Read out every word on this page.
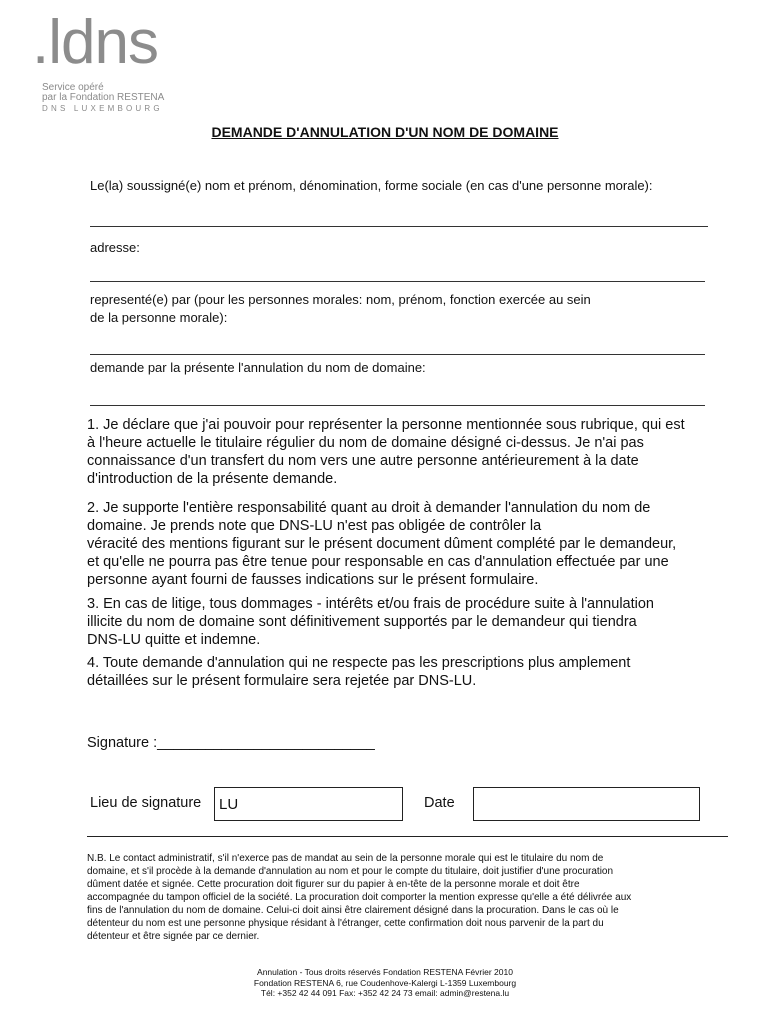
.ldns
Service opéré
par la Fondation RESTENA
DNS LUXEMBOURG
DEMANDE D'ANNULATION D'UN NOM DE DOMAINE
Le(la) soussigné(e) nom et prénom, dénomination, forme sociale (en cas d'une personne morale):
adresse:
representé(e) par (pour les personnes morales: nom, prénom, fonction exercée au sein
de la personne morale):
demande par la présente l'annulation du nom de domaine:
1. Je déclare que j'ai pouvoir pour représenter la personne mentionnée sous rubrique, qui est
à l'heure actuelle le titulaire régulier du nom de domaine désigné ci-dessus. Je n'ai pas
connaissance d'un transfert du nom vers une autre personne antérieurement à la date
d'introduction de la présente demande.
2. Je supporte l'entière responsabilité quant au droit à demander l'annulation du nom de
domaine. Je prends note que DNS-LU n'est pas obligée de contrôler la
véracité des mentions figurant sur le présent document dûment complété par le demandeur,
et qu'elle ne pourra pas être tenue pour responsable en cas d'annulation effectuée par une
personne ayant fourni de fausses indications sur le présent formulaire.
3. En cas de litige, tous dommages - intérêts et/ou frais de procédure suite à l'annulation
illicite du nom de domaine sont définitivement supportés par le demandeur qui tiendra
DNS-LU quitte et indemne.
4. Toute demande d'annulation qui ne respecte pas les prescriptions plus amplement
détaillées sur le présent formulaire sera rejetée par DNS-LU.
Signature :___________________________
Lieu de signature LU	Date
N.B. Le contact administratif, s'il n'exerce pas de mandat au sein de la personne morale qui est le titulaire du nom de
domaine, et s'il procède à la demande d'annulation au nom et pour le compte du titulaire, doit justifier d'une procuration
dûment datée et signée. Cette procuration doit figurer sur du papier à en-tête de la personne morale et doit être
accompagnée du tampon officiel de la société. La procuration doit comporter la mention expresse qu'elle a été délivrée aux
fins de l'annulation du nom de domaine. Celui-ci doit ainsi être clairement désigné dans la procuration. Dans le cas où le
détenteur du nom est une personne physique résidant à l'étranger, cette confirmation doit nous parvenir de la part du
détenteur et être signée par ce dernier.
Annulation - Tous droits réservés Fondation RESTENA Février 2010
Fondation RESTENA 6, rue Coudenhove-Kalergi L-1359 Luxembourg
Tél: +352 42 44 091 Fax: +352 42 24 73 email: admin@restena.lu
